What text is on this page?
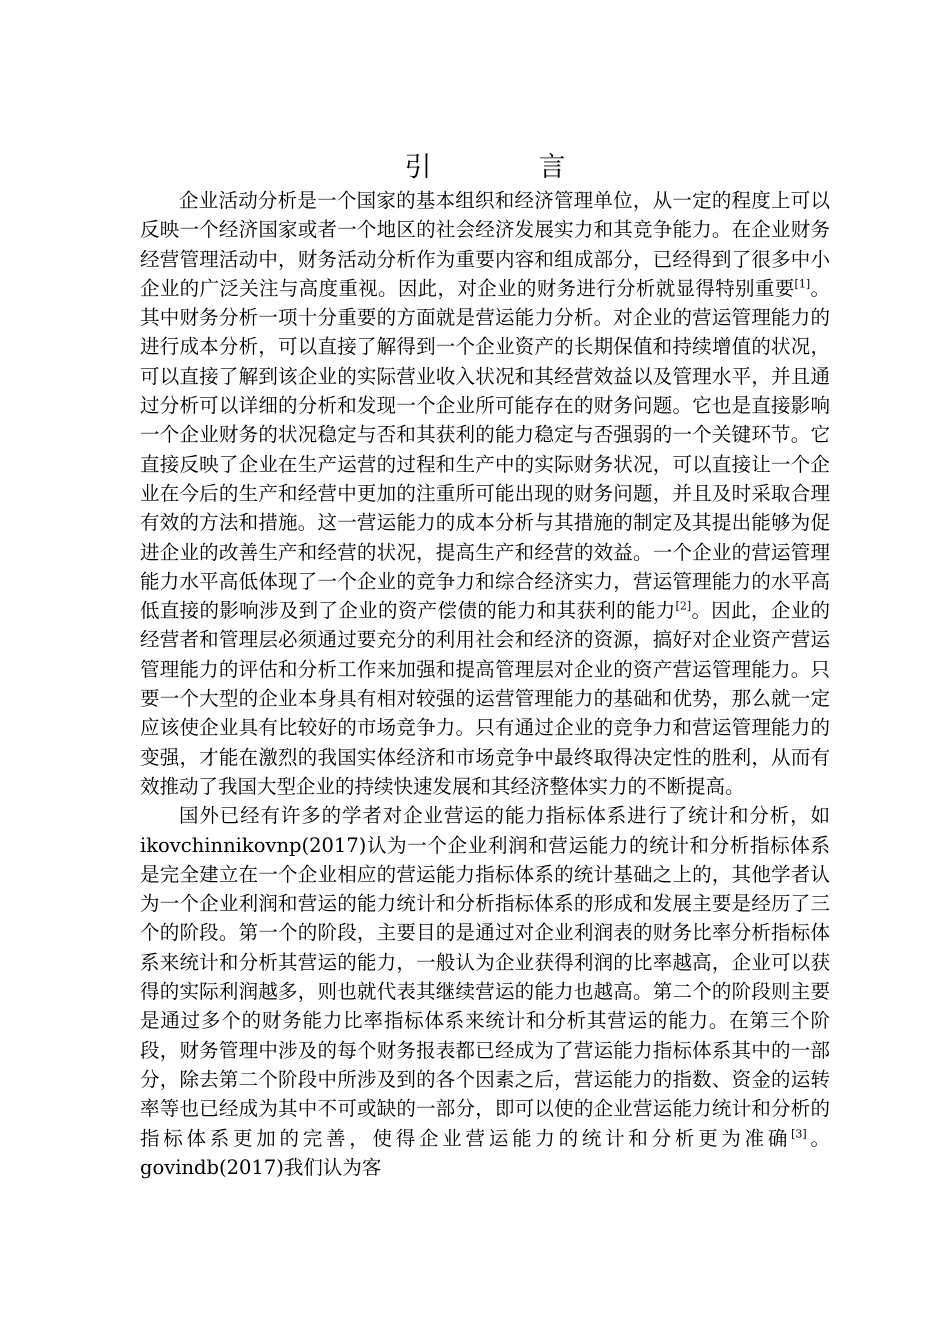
引　言

企业活动分析是一个国家的基本组织和经济管理单位，从一定的程度上可以反映一个经济国家或者一个地区的社会经济发展实力和其竞争能力。在企业财务经营管理活动中，财务活动分析作为重要内容和组成部分，已经得到了很多中小企业的广泛关注与高度重视。因此，对企业的财务进行分析就显得特别重要[1]。其中财务分析一项十分重要的方面就是营运能力分析。对企业的营运管理能力的进行成本分析，可以直接了解得到一个企业资产的长期保值和持续增值的状况，可以直接了解到该企业的实际营业收入状况和其经营效益以及管理水平，并且通过分析可以详细的分析和发现一个企业所可能存在的财务问题。它也是直接影响一个企业财务的状况稳定与否和其获利的能力稳定与否强弱的一个关键环节。它直接反映了企业在生产运营的过程和生产中的实际财务状况，可以直接让一个企业在今后的生产和经营中更加的注重所可能出现的财务问题，并且及时采取合理有效的方法和措施。这一营运能力的成本分析与其措施的制定及其提出能够为促进企业的改善生产和经营的状况，提高生产和经营的效益。一个企业的营运管理能力水平高低体现了一个企业的竞争力和综合经济实力，营运管理能力的水平高低直接的影响涉及到了企业的资产偿债的能力和其获利的能力[2]。因此，企业的经营者和管理层必须通过要充分的利用社会和经济的资源，搞好对企业资产营运管理能力的评估和分析工作来加强和提高管理层对企业的资产营运管理能力。只要一个大型的企业本身具有相对较强的运营管理能力的基础和优势，那么就一定应该使企业具有比较好的市场竞争力。只有通过企业的竞争力和营运管理能力的变强，才能在激烈的我国实体经济和市场竞争中最终取得决定性的胜利，从而有效推动了我国大型企业的持续快速发展和其经济整体实力的不断提高。

国外已经有许多的学者对企业营运的能力指标体系进行了统计和分析，如 ikovchinnikovnp(2017)认为一个企业利润和营运能力的统计和分析指标体系是完全建立在一个企业相应的营运能力指标体系的统计基础之上的，其他学者认为一个企业利润和营运的能力统计和分析指标体系的形成和发展主要是经历了三个的阶段。第一个的阶段，主要目的是通过对企业利润表的财务比率分析指标体系来统计和分析其营运的能力，一般认为企业获得利润的比率越高，企业可以获得的实际利润越多，则也就代表其继续营运的能力也越高。第二个的阶段则主要是通过多个的财务能力比率指标体系来统计和分析其营运的能力。在第三个阶段，财务管理中涉及的每个财务报表都已经成为了营运能力指标体系其中的一部分，除去第二个阶段中所涉及到的各个因素之后，营运能力的指数、资金的运转率等也已经成为其中不可或缺的一部分，即可以使的企业营运能力统计和分析的指标体系更加的完善，使得企业营运能力的统计和分析更为准确[3]。govindb(2017)我们认为客
